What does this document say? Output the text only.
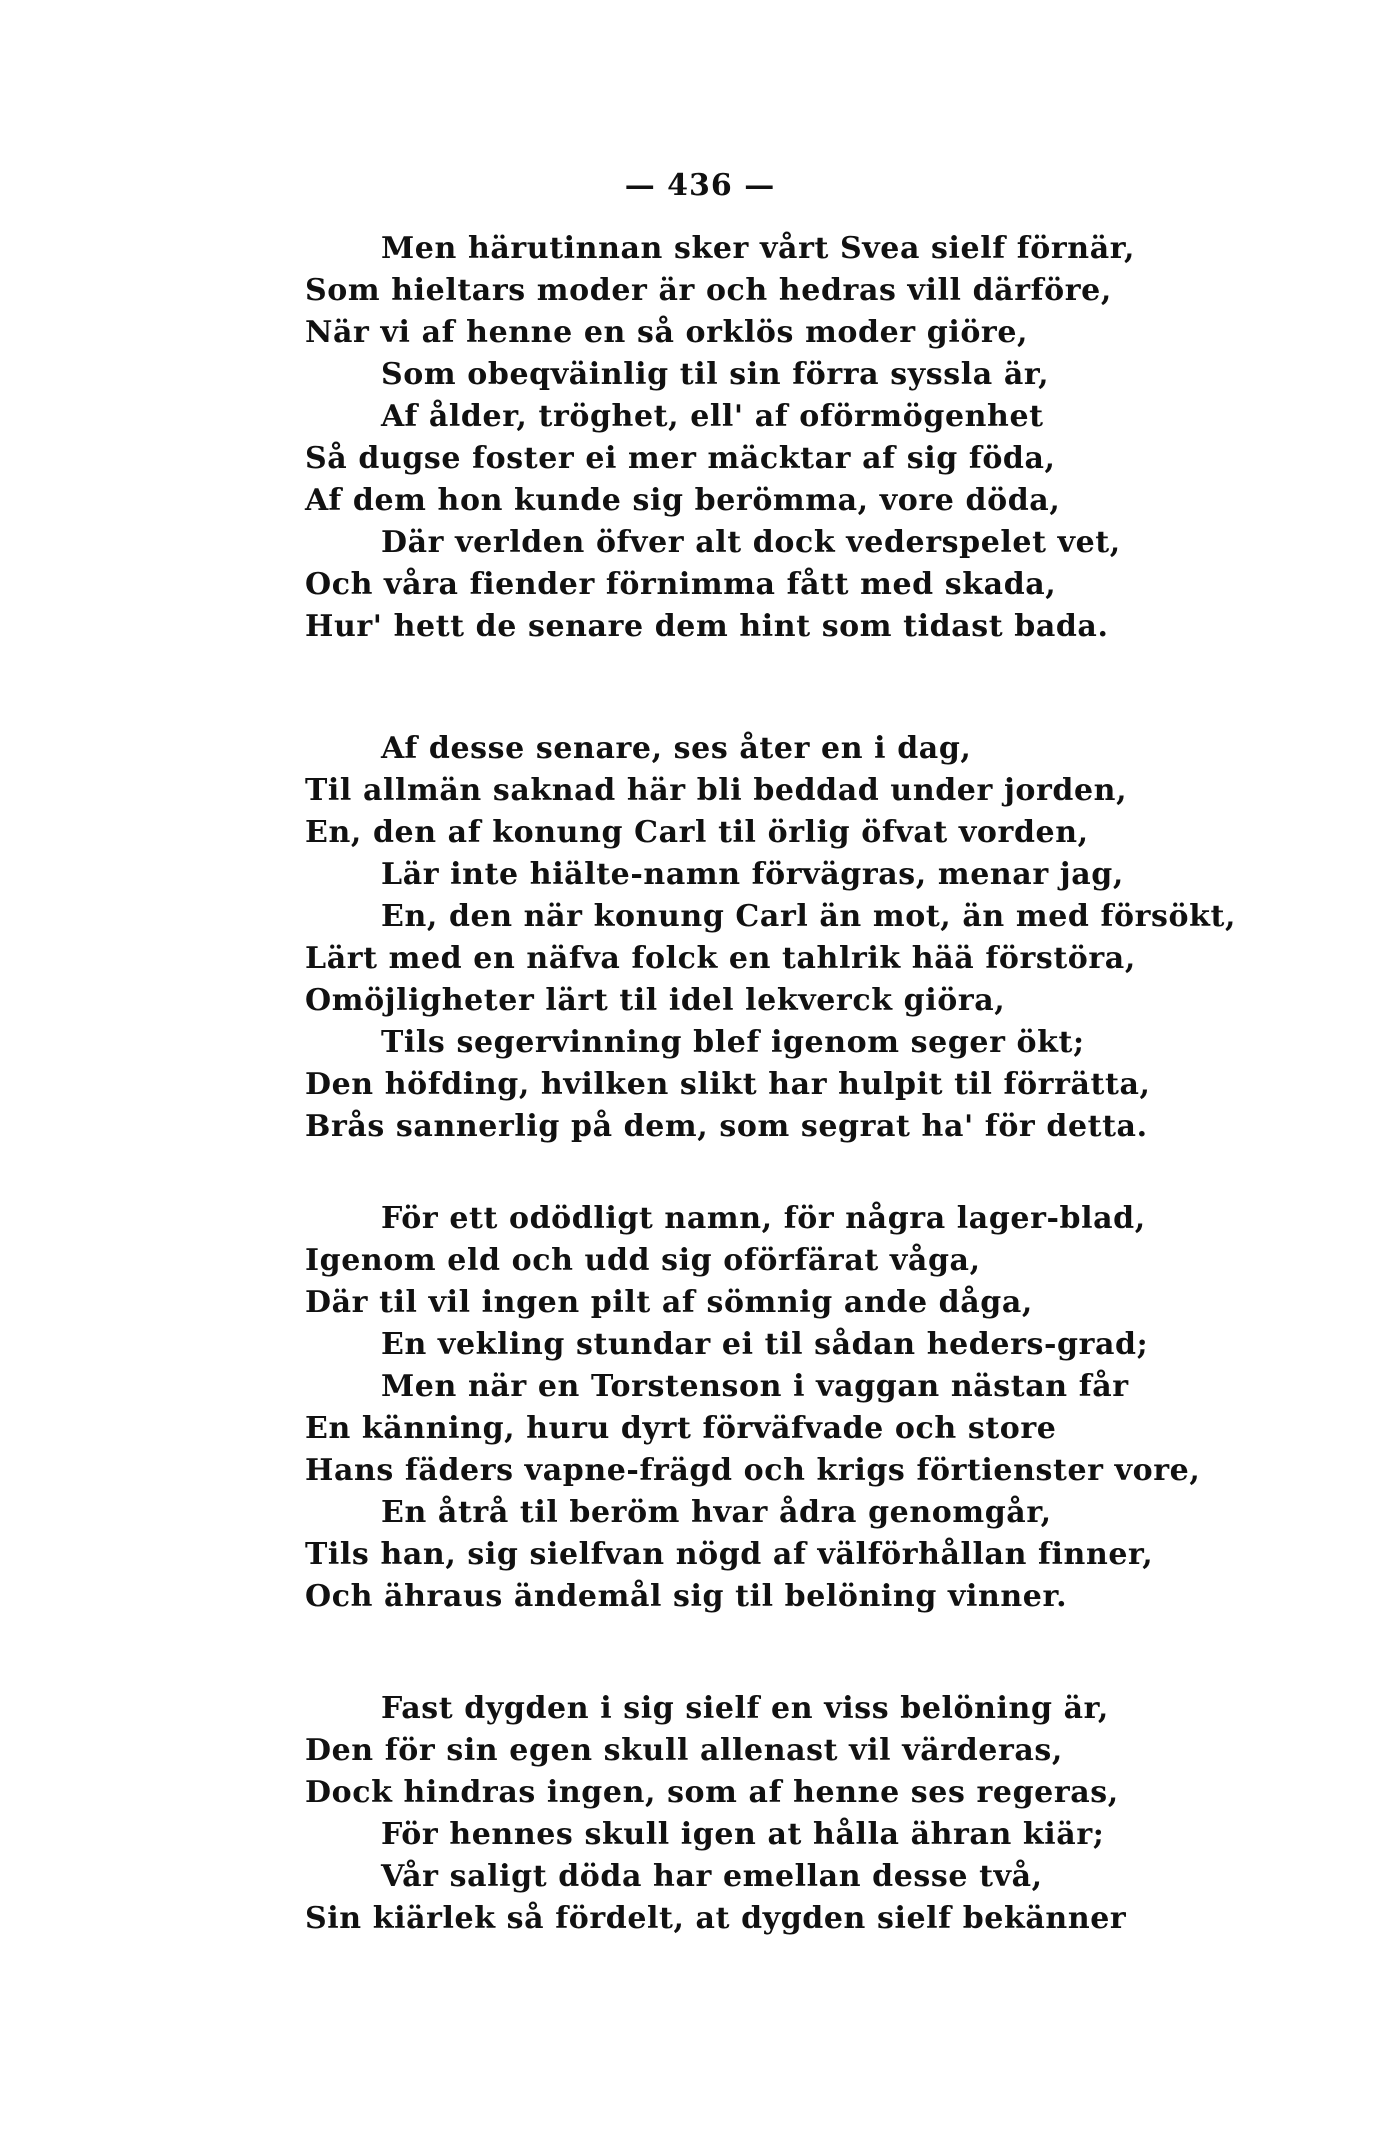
— 436 —
Men härutinnan sker vårt Svea sielf förnär,
Som hieltars moder är och hedras vill därföre,
När vi af henne en så orklös moder giöre,
Som obeqväinlig til sin förra syssla är,
Af ålder, tröghet, ell' af oförmögenhet
Så dugse foster ei mer mäcktar af sig föda,
Af dem hon kunde sig berömma, vore döda,
Där verlden öfver alt dock vederspelet vet,
Och våra fiender förnimma fått med skada,
Hur' hett de senare dem hint som tidast bada.
Af desse senare, ses åter en i dag,
Til allmän saknad här bli beddad under jorden,
En, den af konung Carl til örlig öfvat vorden,
Lär inte hiälte-namn förvägras, menar jag,
En, den när konung Carl än mot, än med försökt,
Lärt med en näfva folck en tahlrik hää förstöra,
Omöjligheter lärt til idel lekverck giöra,
Tils segervinning blef igenom seger ökt;
Den höfding, hvilken slikt har hulpit til förrätta,
Brås sannerlig på dem, som segrat ha' för detta.
För ett odödligt namn, för några lager-blad,
Igenom eld och udd sig oförfärat våga,
Där til vil ingen pilt af sömnig ande dåga,
En vekling stundar ei til sådan heders-grad;
Men när en Torstenson i vaggan nästan får
En känning, huru dyrt förväfvade och store
Hans fäders vapne-frägd och krigs förtienster vore,
En åtrå til beröm hvar ådra genomgår,
Tils han, sig sielfvan nögd af välförhållan finner,
Och ähraus ändemål sig til belöning vinner.
Fast dygden i sig sielf en viss belöning är,
Den för sin egen skull allenast vil värderas,
Dock hindras ingen, som af henne ses regeras,
För hennes skull igen at hålla ähran kiär;
Vår saligt döda har emellan desse två,
Sin kiärlek så fördelt, at dygden sielf bekänner
